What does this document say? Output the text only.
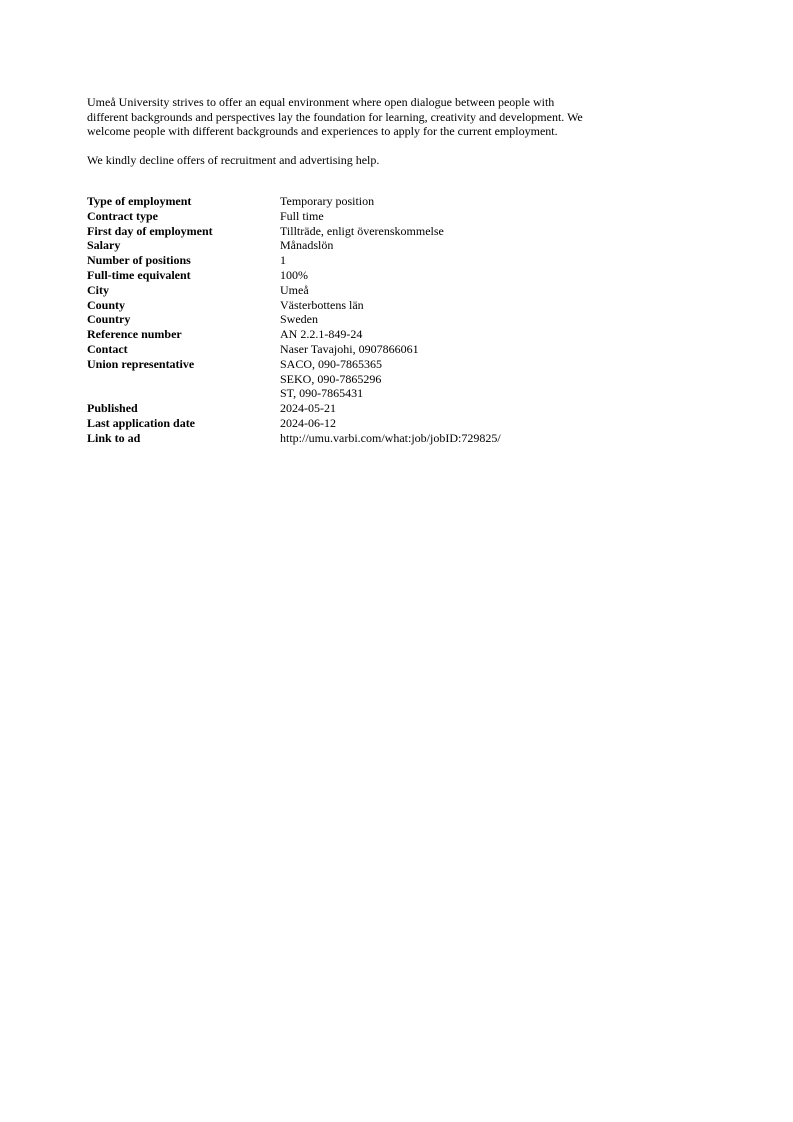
Umeå University strives to offer an equal environment where open dialogue between people with
different backgrounds and perspectives lay the foundation for learning, creativity and development. We
welcome people with different backgrounds and experiences to apply for the current employment.

We kindly decline offers of recruitment and advertising help.

Type of employment	Temporary position
Contract type	Full time
First day of employment	Tillträde, enligt överenskommelse
Salary	Månadslön
Number of positions	1
Full-time equivalent	100%
City	Umeå
County	Västerbottens län
Country	Sweden
Reference number	AN 2.2.1-849-24
Contact	Naser Tavajohi, 0907866061
Union representative	SACO, 090-7865365
SEKO, 090-7865296
ST, 090-7865431
Published	2024-05-21
Last application date	2024-06-12
Link to ad	http://umu.varbi.com/what:job/jobID:729825/
